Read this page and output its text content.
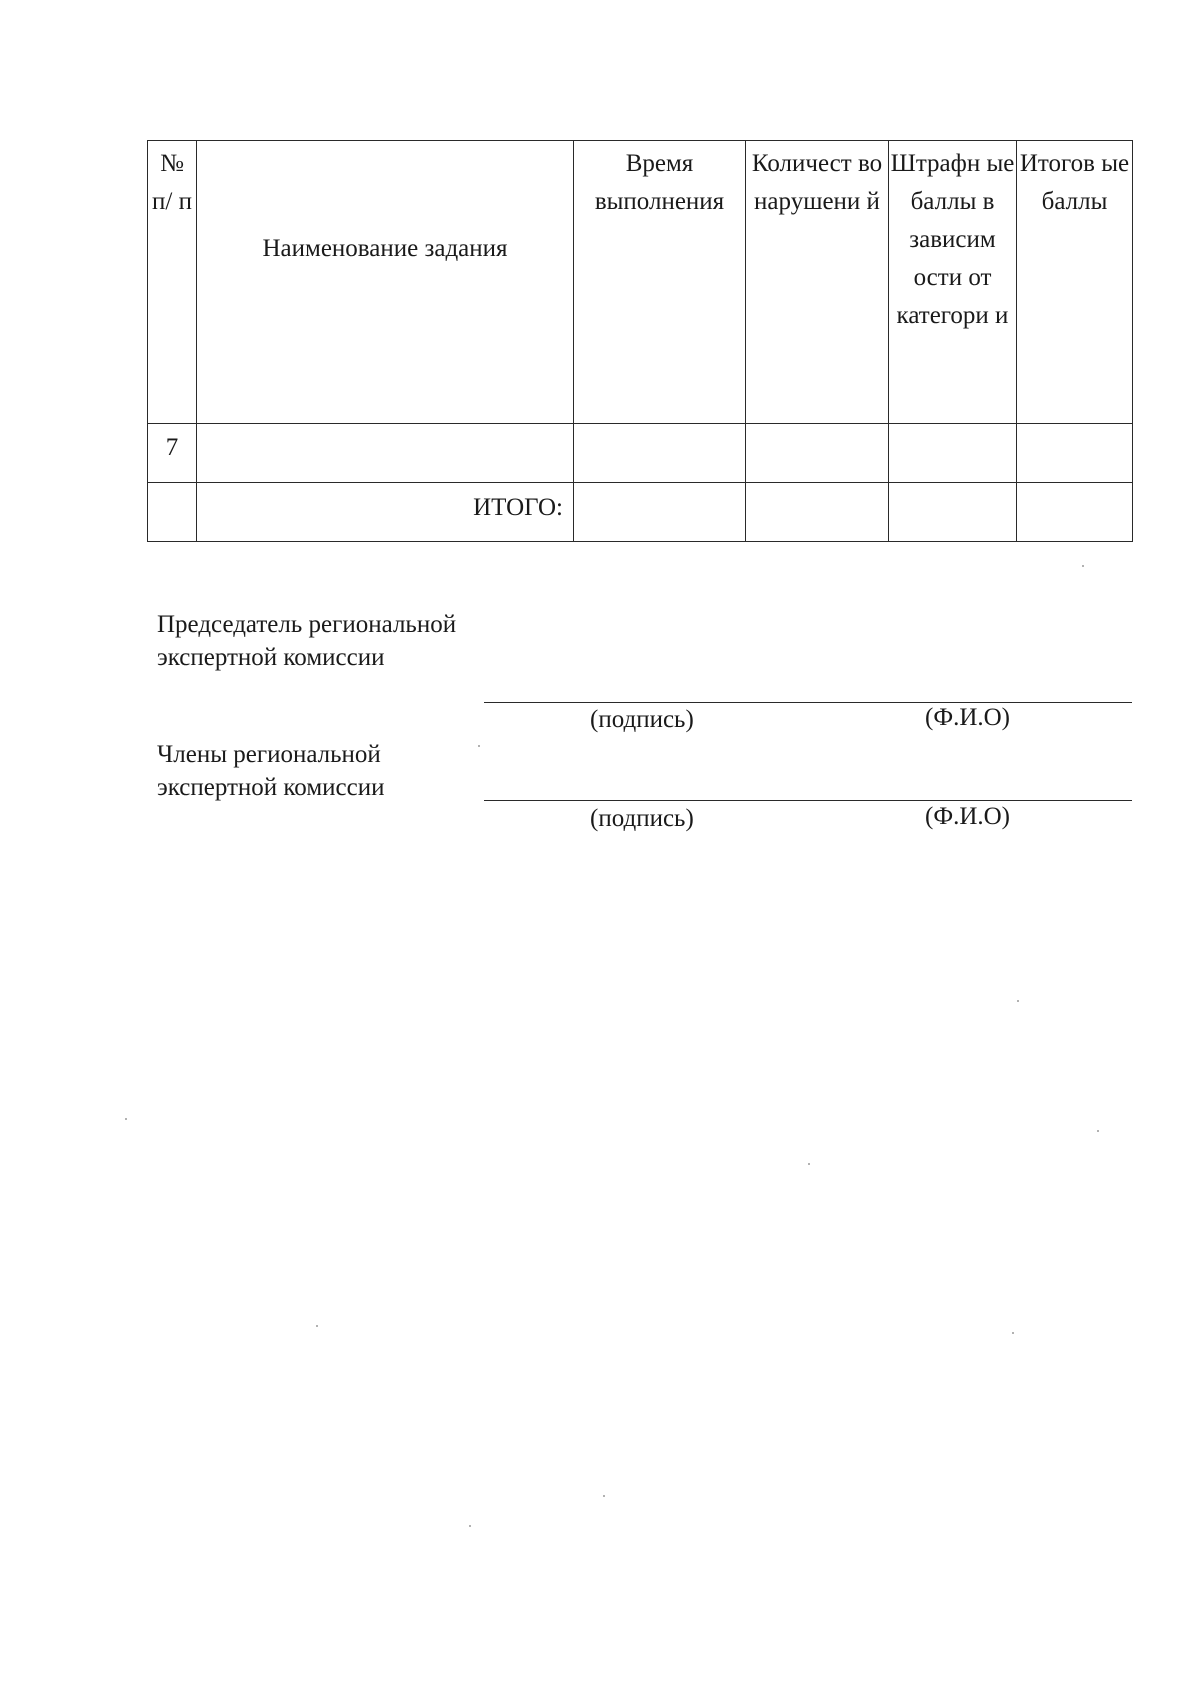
№ п/ п	Наименование задания	Время выполнения	Количест во нарушени й	Штрафн ые баллы в зависим ости от категори и	Итогов ые баллы

7					

	ИТОГО:				

Председатель региональной экспертной комиссии
(подпись)	(Ф.И.О)
Члены региональной экспертной комиссии
(подпись)	(Ф.И.О)
